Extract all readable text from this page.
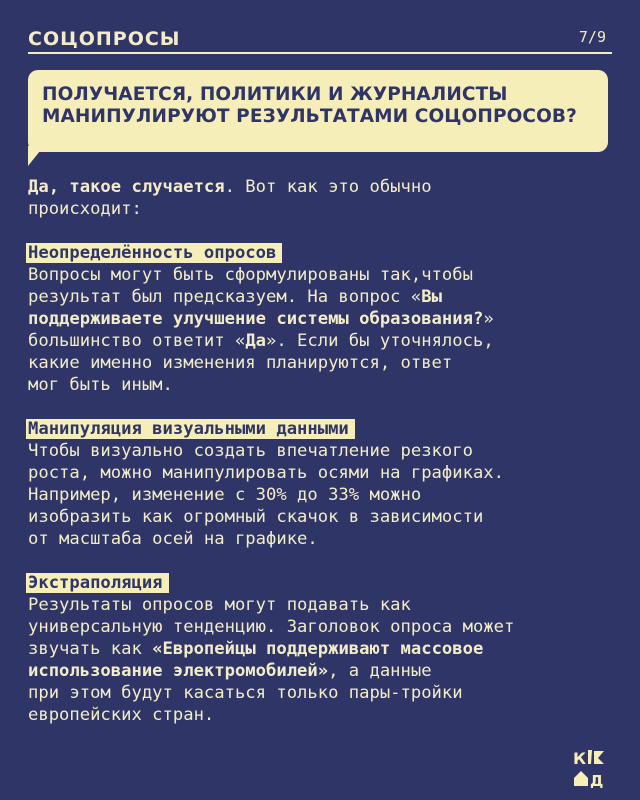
СОЦОПРОСЫ	7/9
ПОЛУЧАЕТСЯ, ПОЛИТИКИ И ЖУРНАЛИСТЫ
МАНИПУЛИРУЮТ РЕЗУЛЬТАТАМИ СОЦОПРОСОВ?

Да, такое случается. Вот как это обычно

происходит:

Неопределённость опросов

Вопросы могут быть сформулированы так,чтобы

результат был предсказуем. На вопрос «Вы

поддерживаете улучшение системы образования?»

большинство ответит «Да». Если бы уточнялось,

какие именно изменения планируются, ответ

мог быть иным.

Манипуляция визуальными данными

Чтобы визуально создать впечатление резкого

роста, можно манипулировать осями на графиках.

Например, изменение с 30% до 33% можно

изобразить как огромный скачок в зависимости

от масштаба осей на графике.

Экстраполяция

Результаты опросов могут подавать как

универсальную тенденцию. Заголовок опроса может

звучать как «Европейцы поддерживают массовое

использование электромобилей», а данные

при этом будут касаться только пары-тройки

европейских стран.

К
Д
